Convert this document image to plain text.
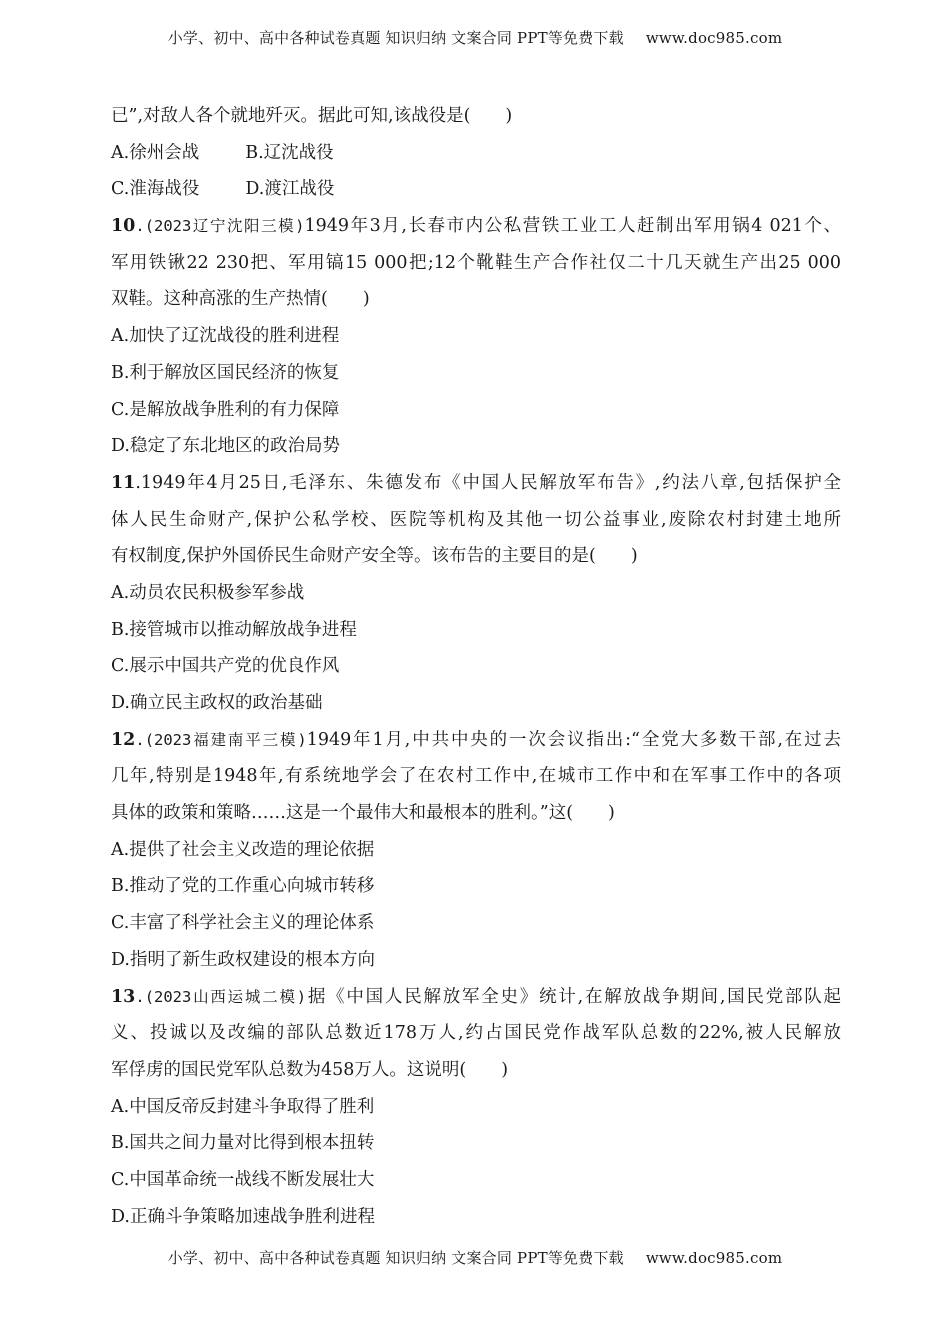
小学、初中、高中各种试卷真题 知识归纳 文案合同 PPT等免费下载 www.doc985.com
已”,对敌人各个就地歼灭。据此可知,该战役是(　　)
A.徐州会战	B.辽沈战役
C.淮海战役	D.渡江战役
10.(2023辽宁沈阳三模)1949年3月,长春市内公私营铁工业工人赶制出军用锅4 021个、
军用铁锹22 230把、军用镐15 000把;12个靴鞋生产合作社仅二十几天就生产出25 000
双鞋。这种高涨的生产热情(　　)
A.加快了辽沈战役的胜利进程
B.利于解放区国民经济的恢复
C.是解放战争胜利的有力保障
D.稳定了东北地区的政治局势
11.1949年4月25日,毛泽东、朱德发布《中国人民解放军布告》,约法八章,包括保护全
体人民生命财产,保护公私学校、医院等机构及其他一切公益事业,废除农村封建土地所
有权制度,保护外国侨民生命财产安全等。该布告的主要目的是(　　)
A.动员农民积极参军参战
B.接管城市以推动解放战争进程
C.展示中国共产党的优良作风
D.确立民主政权的政治基础
12.(2023福建南平三模)1949年1月,中共中央的一次会议指出:“全党大多数干部,在过去
几年,特别是1948年,有系统地学会了在农村工作中,在城市工作中和在军事工作中的各项
具体的政策和策略……这是一个最伟大和最根本的胜利。”这(　　)
A.提供了社会主义改造的理论依据
B.推动了党的工作重心向城市转移
C.丰富了科学社会主义的理论体系
D.指明了新生政权建设的根本方向
13.(2023山西运城二模)据《中国人民解放军全史》统计,在解放战争期间,国民党部队起
义、投诚以及改编的部队总数近178万人,约占国民党作战军队总数的22%,被人民解放
军俘虏的国民党军队总数为458万人。这说明(　　)
A.中国反帝反封建斗争取得了胜利
B.国共之间力量对比得到根本扭转
C.中国革命统一战线不断发展壮大
D.正确斗争策略加速战争胜利进程
小学、初中、高中各种试卷真题 知识归纳 文案合同 PPT等免费下载 www.doc985.com
